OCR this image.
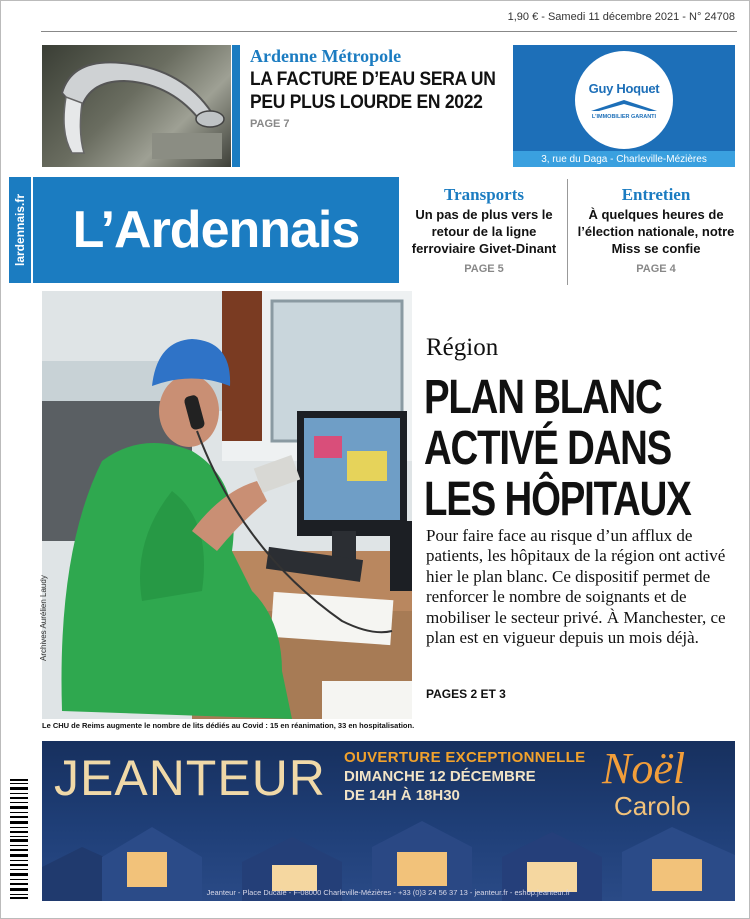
1,90 € - Samedi 11 décembre 2021 - N° 24708
Ardenne Métropole
LA FACTURE D’EAU SERA UN PEU PLUS LOURDE EN 2022
PAGE 7
Guy Hoquet
L’IMMOBILIER GARANTI
3, rue du Daga - Charleville-Mézières
lardennais.fr L’Ardennais
Transports
Un pas de plus vers le retour de la ligne ferroviaire Givet-Dinant
PAGE 5
Entretien
À quelques heures de l’élection nationale, notre Miss se confie
PAGE 4
Archives Aurélien Laudy
Le CHU de Reims augmente le nombre de lits dédiés au Covid : 15 en réanimation, 33 en hospitalisation.
Région
PLAN BLANC ACTIVÉ DANS LES HÔPITAUX
Pour faire face au risque d’un afflux de patients, les hôpitaux de la région ont activé hier le plan blanc. Ce dispositif permet de renforcer le nombre de soignants et de mobiliser le secteur privé. À Manchester, ce plan est en vigueur depuis un mois déjà.
PAGES 2 ET 3
JEANTEUR OUVERTURE EXCEPTIONNELLE
DIMANCHE 12 DÉCEMBRE
DE 14H À 18H30
Noël
Carolo
Jeanteur - Place Ducale - F-08000 Charleville-Mézières - +33 (0)3 24 56 37 13 - jeanteur.fr - eshop.jeanteur.fr
